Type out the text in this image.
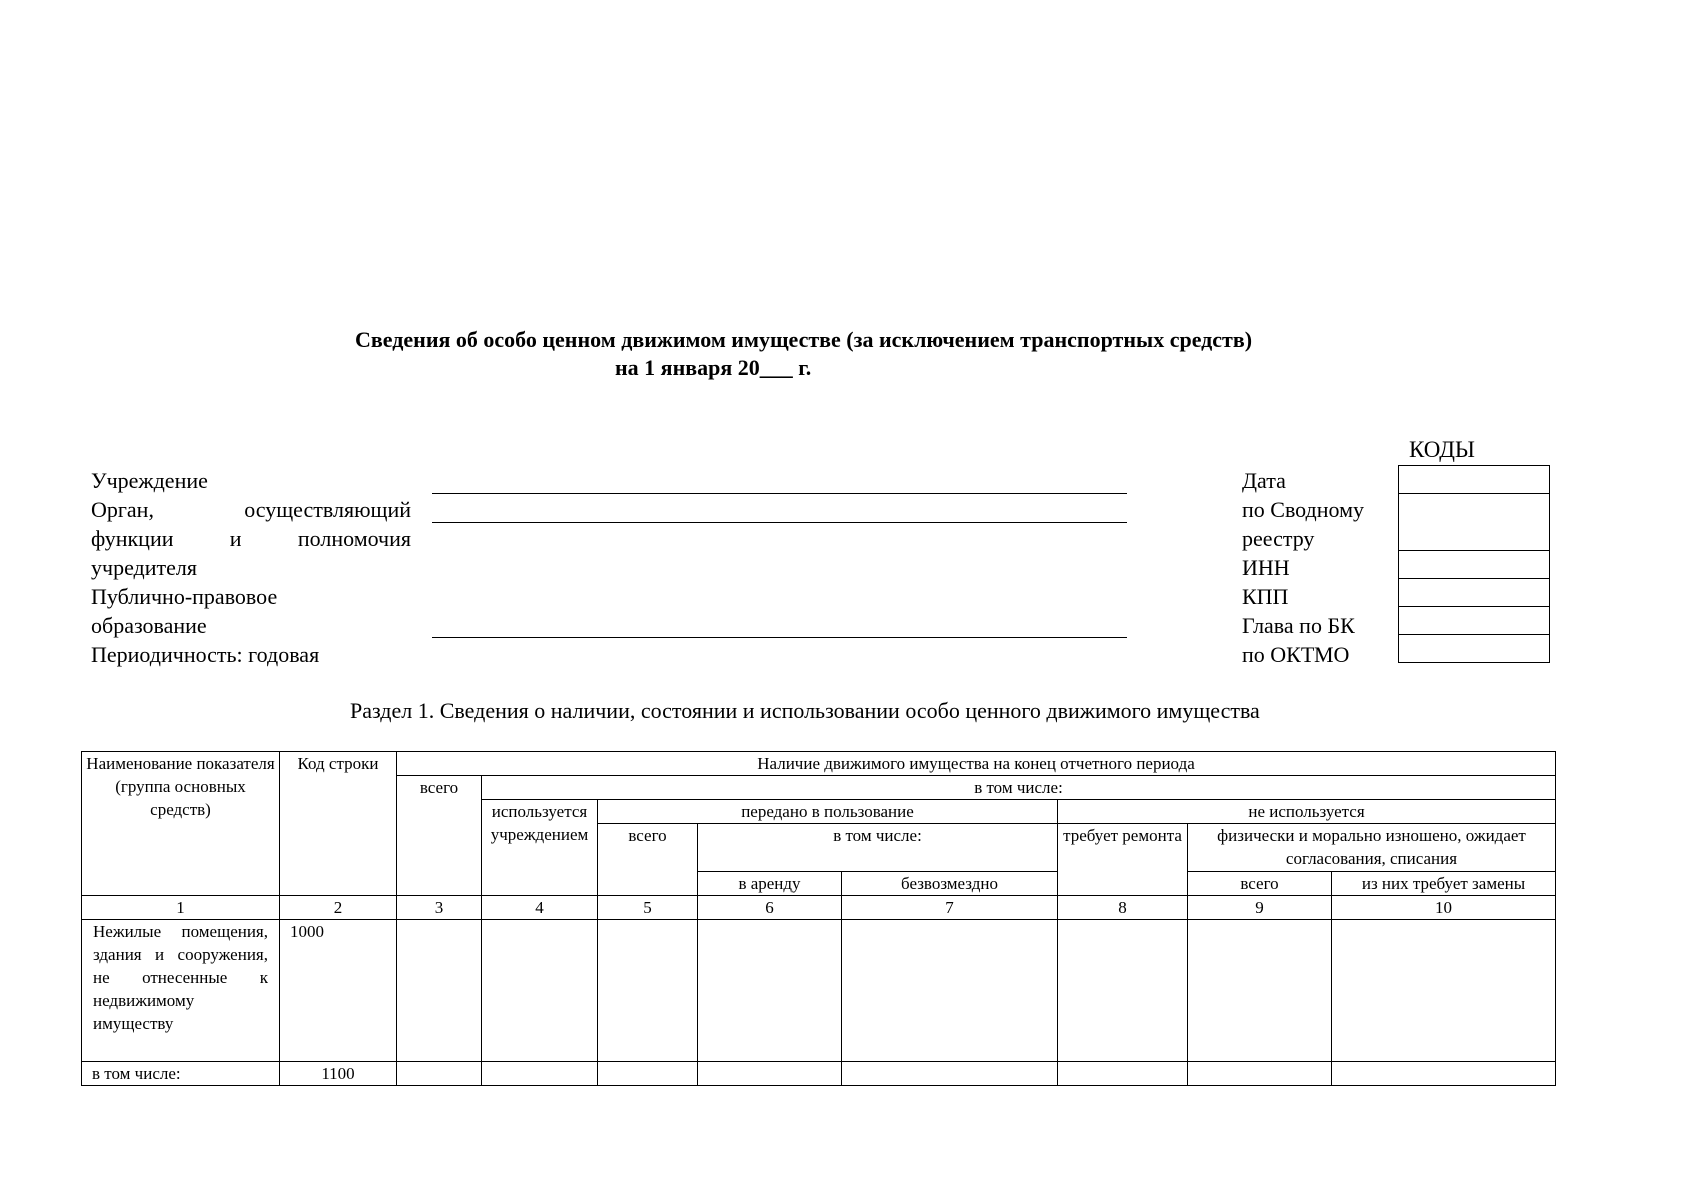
Сведения об особо ценном движимом имуществе (за исключением транспортных средств)
на 1 января 20___ г.
КОДЫ
Учреждение
Орган, осуществляющий
функции и полномочия
учредителя
Публично-правовое
образование
Периодичность: годовая
Дата
по Сводному
реестру
ИНН
КПП
Глава по БК
по ОКТМО

Раздел 1. Сведения о наличии, состоянии и использовании особо ценного движимого имущества
Наименование показателя (группа основных средств)	Код строки	Наличие движимого имущества на конец отчетного периода							
		всего	в том числе:						
			используется учреждением	передано в пользование			не используется		
				всего	в том числе:		требует ремонта	физически и морально изношено, ожидает согласования, списания	
					в аренду	безвозмездно		всего	из них требует замены
1	2	3	4	5	6	7	8	9	10
Нежилые помещения, здания и сооружения, не отнесенные к недвижимому имуществу	1000								
в том числе:	1100								
